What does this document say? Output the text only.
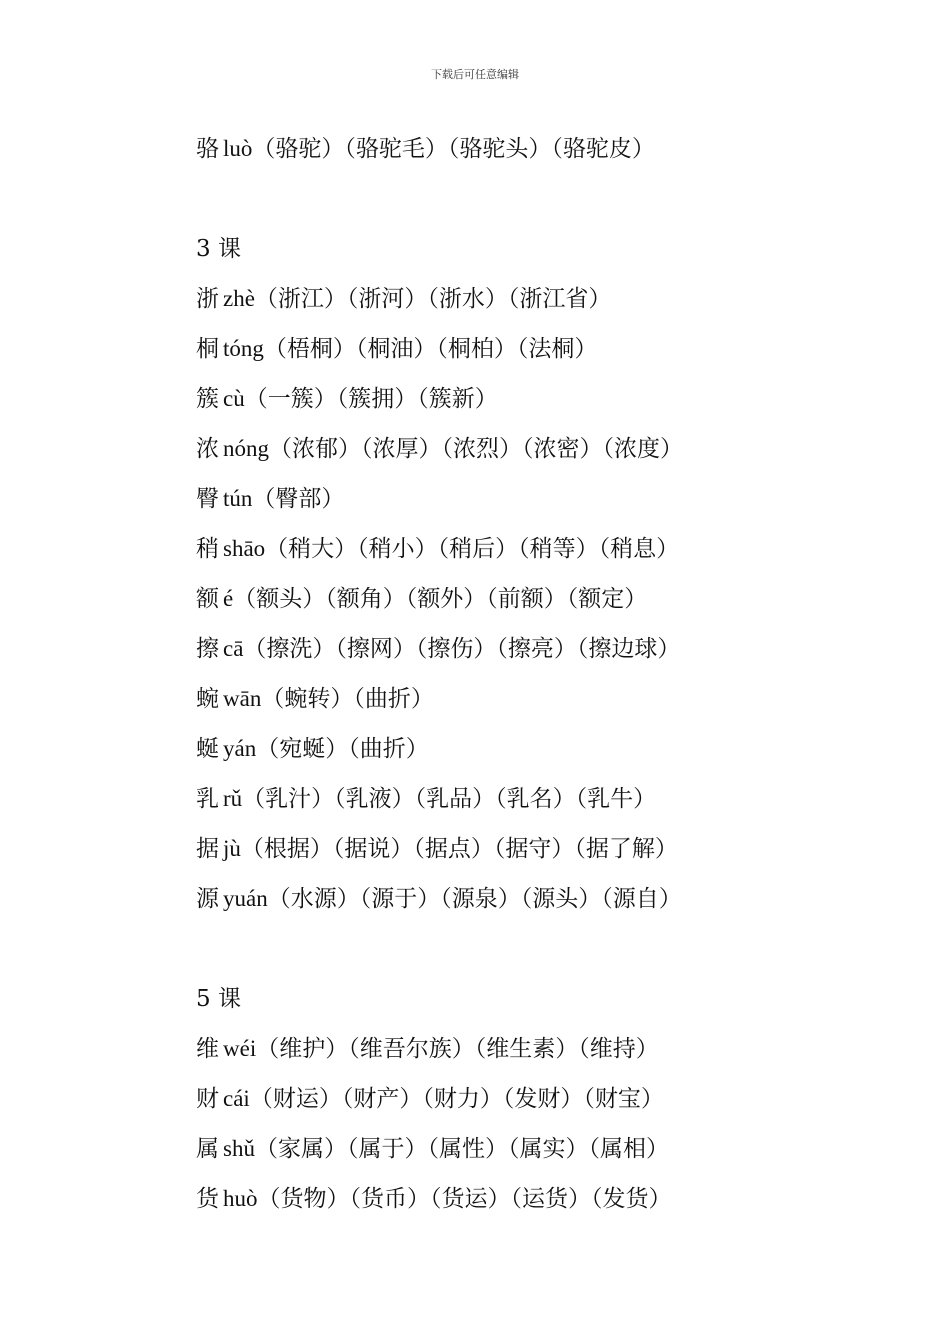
下载后可任意编辑
骆 luò（骆驼）（骆驼毛）（骆驼头）（骆驼皮）
3 课
浙 zhè（浙江）（浙河）（浙水）（浙江省）
桐 tóng（梧桐）（桐油）（桐柏）（法桐）
簇 cù（一簇）（簇拥）（簇新）
浓 nóng（浓郁）（浓厚）（浓烈）（浓密）（浓度）
臀 tún（臀部）
稍 shāo（稍大）（稍小）（稍后）（稍等）（稍息）
额 é（额头）（额角）（额外）（前额）（额定）
擦 cā（擦洗）（擦网）（擦伤）（擦亮）（擦边球）
蜿 wān（蜿转）（曲折）
蜒 yán（宛蜒）（曲折）
乳 rǔ（乳汁）（乳液）（乳品）（乳名）（乳牛）
据 jù（根据）（据说）（据点）（据守）（据了解）
源 yuán（水源）（源于）（源泉）（源头）（源自）
5 课
维 wéi（维护）（维吾尔族）（维生素）（维持）
财 cái（财运）（财产）（财力）（发财）（财宝）
属 shǔ（家属）（属于）（属性）（属实）（属相）
货 huò（货物）（货币）（货运）（运货）（发货）
